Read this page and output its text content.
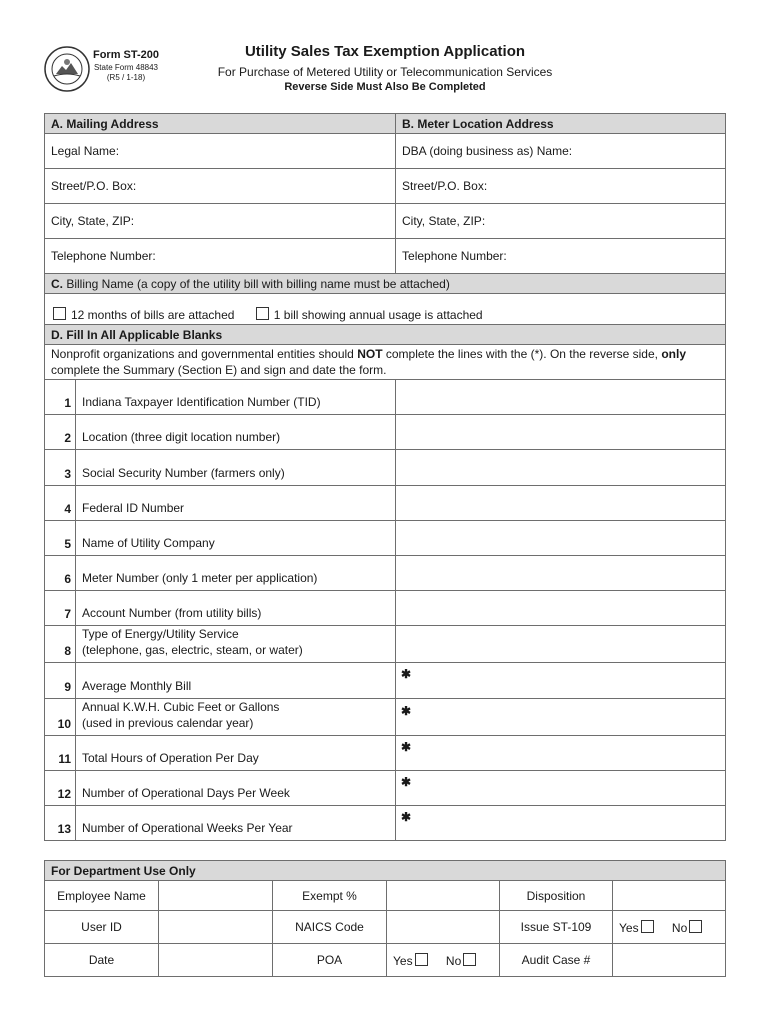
Form ST-200
State Form 48843
(R5 / 1-18)
Utility Sales Tax Exemption Application
For Purchase of Metered Utility or Telecommunication Services
Reverse Side Must Also Be Completed
A. Mailing Address		B. Meter Location Address
Legal Name:		DBA (doing business as) Name:
Street/P.O. Box:		Street/P.O. Box:
City, State, ZIP:		City, State, ZIP:
Telephone Number:		Telephone Number:
C. Billing Name (a copy of the utility bill with billing name must be attached)		
12 months of bills are attached 1 bill showing annual usage is attached		
D. Fill In All Applicable Blanks		
Nonprofit organizations and governmental entities should NOT complete the lines with the (*). On the reverse side, only complete the Summary (Section E) and sign and date the form.		
1	Indiana Taxpayer Identification Number (TID)	

2	Location (three digit location number)	

3	Social Security Number (farmers only)	

4	Federal ID Number	

5	Name of Utility Company	

6	Meter Number (only 1 meter per application)	

7	Account Number (from utility bills)	

8	Type of Energy/Utility Service
(telephone, gas, electric, steam, or water)	

9	Average Monthly Bill	✱
10	Annual K.W.H. Cubic Feet or Gallons
(used in previous calendar year)	✱
11	Total Hours of Operation Per Day	✱
12	Number of Operational Days Per Week	✱
13	Number of Operational Weeks Per Year	✱
For Department Use Only					
Employee Name		Exempt %		Disposition	
User ID		NAICS Code		Issue ST-109	Yes No
Date		POA	Yes No	Audit Case #	
